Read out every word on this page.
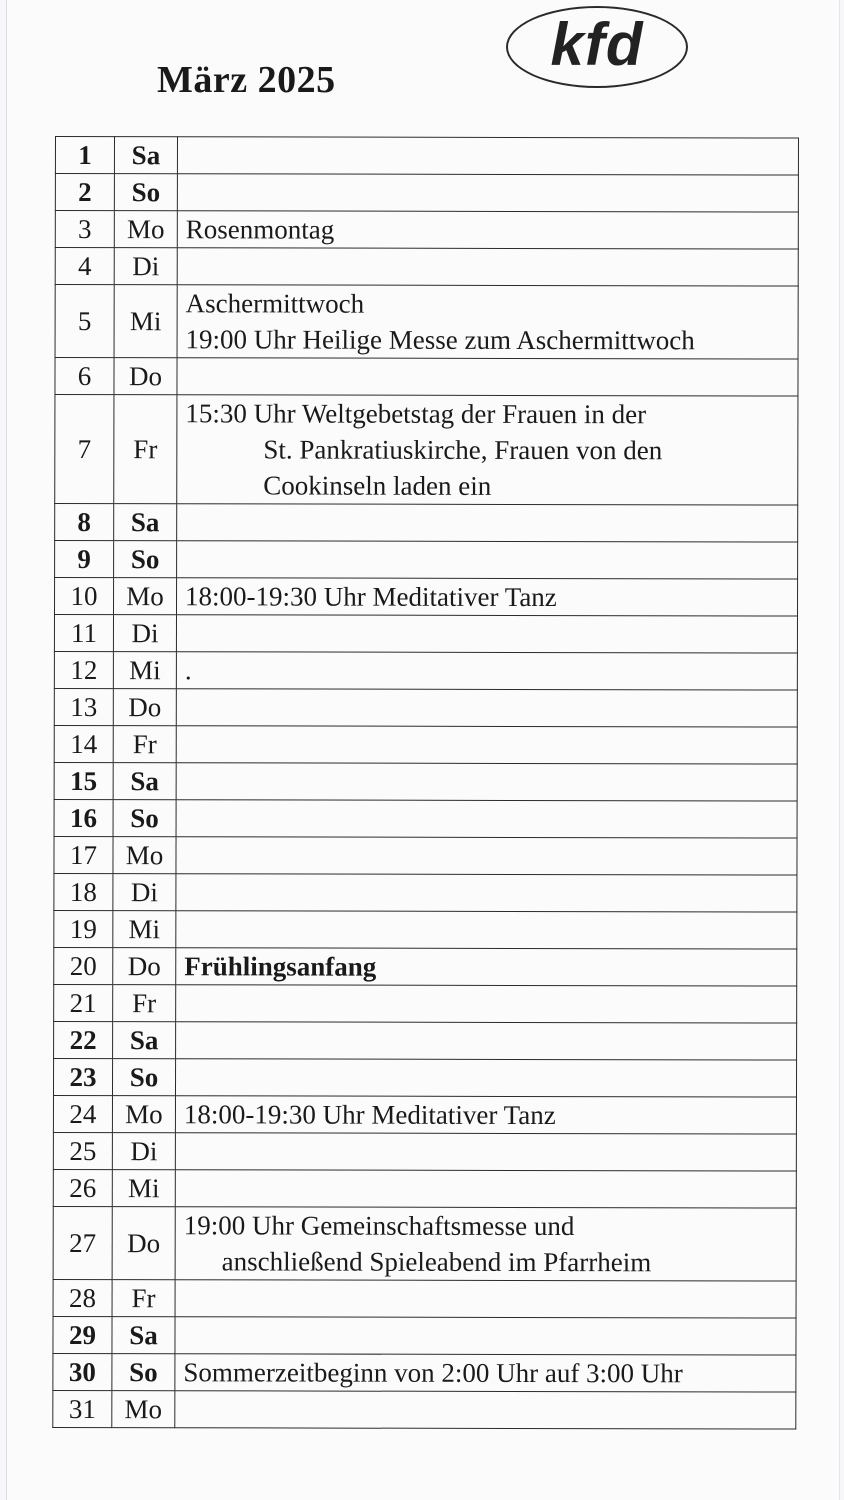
März 2025
kfd
1	Sa	
2	So	
3	Mo	Rosenmontag

4	Di	
5	Mi	Aschermittwoch
19:00 Uhr Heilige Messe zum Aschermittwoch

6	Do	
7	Fr	15:30 Uhr Weltgebetstag der Frauen in der
St. Pankratiuskirche, Frauen von den
Cookinseln laden ein

8	Sa	
9	So	
10	Mo	18:00-19:30 Uhr Meditativer Tanz

11	Di	
12	Mi	.

13	Do	
14	Fr	
15	Sa	
16	So	
17	Mo	
18	Di	
19	Mi	
20	Do	Frühlingsanfang

21	Fr	
22	Sa	
23	So	
24	Mo	18:00-19:30 Uhr Meditativer Tanz

25	Di	
26	Mi	
27	Do	19:00 Uhr Gemeinschaftsmesse und
anschließend Spieleabend im Pfarrheim

28	Fr	
29	Sa	
30	So	Sommerzeitbeginn von 2:00 Uhr auf 3:00 Uhr

31	Mo	
